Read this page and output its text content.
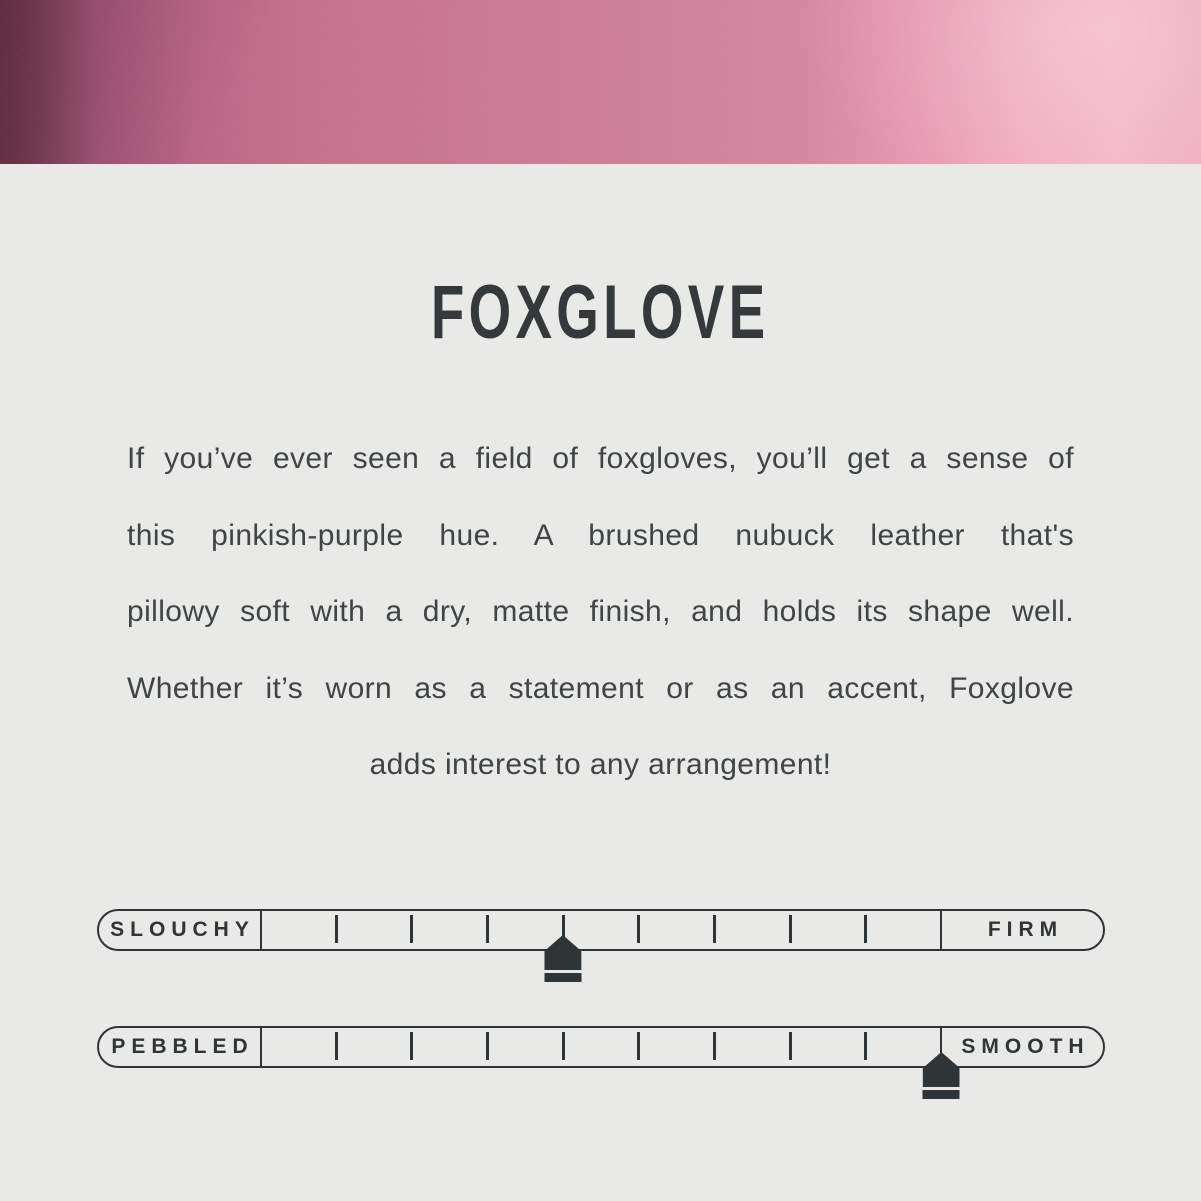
FOXGLOVE
If you’ve ever seen a field of foxgloves, you’ll get a sense of
this pinkish-purple hue. A brushed nubuck leather that's
pillowy soft with a dry, matte finish, and holds its shape well.
Whether it’s worn as a statement or as an accent, Foxglove
adds interest to any arrangement!
SLOUCHY	FIRM
PEBBLED	SMOOTH
